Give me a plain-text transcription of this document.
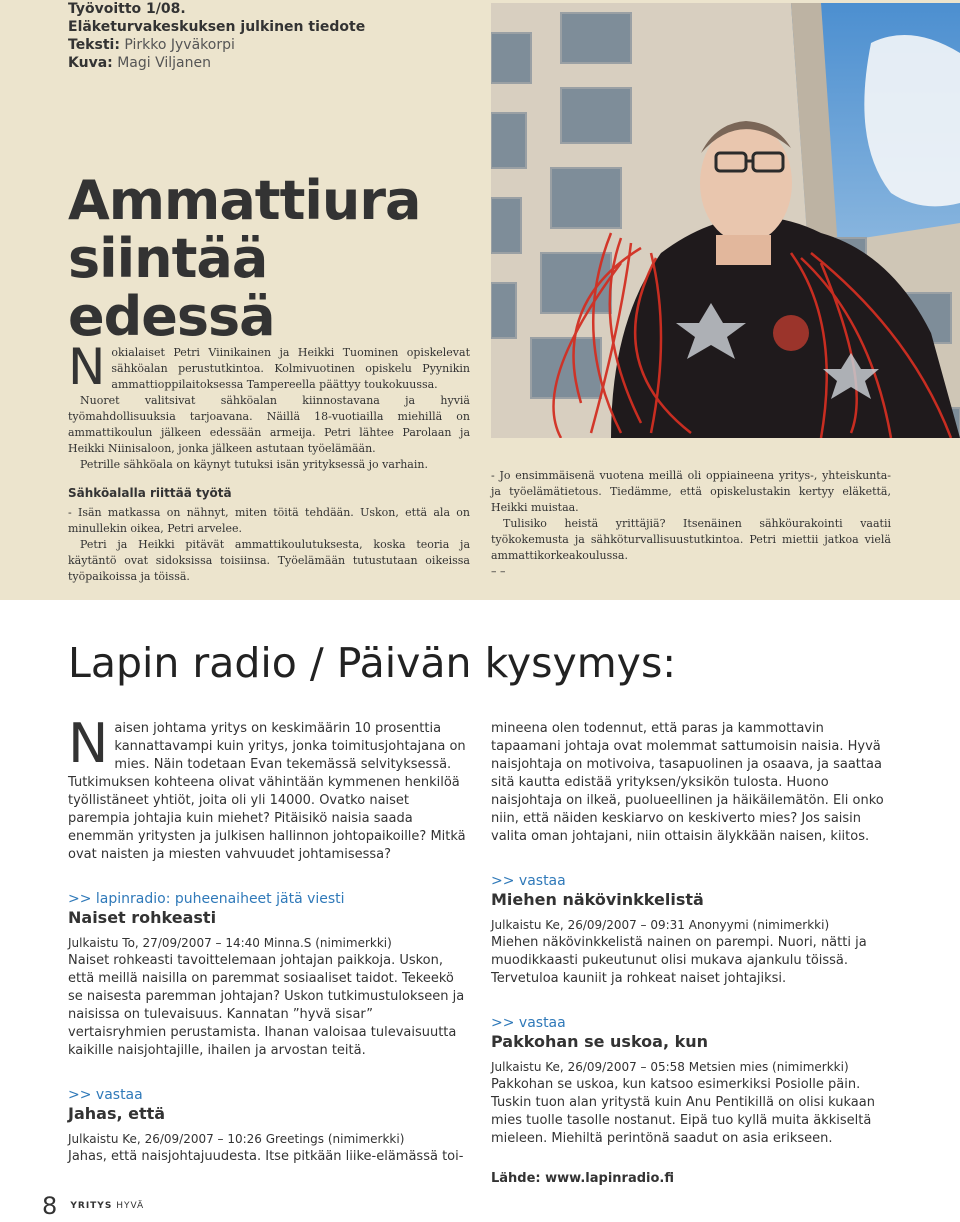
Työvoitto 1/08.
Eläketurvakeskuksen julkinen tiedote
Teksti: Pirkko Jyväkorpi
Kuva: Magi Viljanen
Ammattiura
siintää edessä
N okialaiset Petri Viinikainen ja Heikki Tuominen opiskelevat sähköalan perustutkintoa. Kolmivuotinen opiskelu Pyynikin ammattioppilaitoksessa Tampereella päättyy toukokuussa.

Nuoret valitsivat sähköalan kiinnostavana ja hyviä työmahdollisuuksia tarjoavana. Näillä 18-vuotiailla miehillä on ammattikoulun jälkeen edessään armeija. Petri lähtee Parolaan ja Heikki Niinisaloon, jonka jälkeen astutaan työelämään.

Petrille sähköala on käynyt tutuksi isän yrityksessä jo varhain.

Sähköalalla riittää työtä

- Isän matkassa on nähnyt, miten töitä tehdään. Uskon, että ala on minullekin oikea, Petri arvelee.

Petri ja Heikki pitävät ammattikoulutuksesta, koska teoria ja käytäntö ovat sidoksissa toisiinsa. Työelämään tutustutaan oikeissa työpaikoissa ja töissä.

- Jo ensimmäisenä vuotena meillä oli oppiaineena yritys-, yhteiskunta- ja työelämätietous. Tiedämme, että opiskelustakin kertyy eläkettä, Heikki muistaa.

Tulisiko heistä yrittäjiä? Itsenäinen sähköurakointi vaatii työkokemusta ja sähköturvallisuustutkintoa. Petri miettii jatkoa vielä ammattikorkeakoulussa.

– –

Lapin radio / Päivän kysymys:
N aisen johtama yritys on keskimäärin 10 prosenttia kannattavampi kuin yritys, jonka toimitusjohtajana on mies. Näin todetaan Evan tekemässä selvityksessä. Tutkimuksen kohteena olivat vähintään kymmenen henkilöä työllistäneet yhtiöt, joita oli yli 14000. Ovatko naiset parempia johtajia kuin miehet? Pitäisikö naisia saada enemmän yritysten ja julkisen hallinnon johtopaikoille? Mitkä ovat naisten ja miesten vahvuudet johtamisessa?

>> lapinradio: puheenaiheet jätä viesti

Naiset rohkeasti

Julkaistu To, 27/09/2007 – 14:40 Minna.S (nimimerkki)

Naiset rohkeasti tavoittelemaan johtajan paikkoja. Uskon, että meillä naisilla on paremmat sosiaaliset taidot. Tekeekö se naisesta paremman johtajan? Uskon tutkimustulokseen ja naisissa on tulevaisuus. Kannatan ”hyvä sisar” vertaisryhmien perustamista. Ihanan valoisaa tulevaisuutta kaikille naisjohtajille, ihailen ja arvostan teitä.

>> vastaa

Jahas, että

Julkaistu Ke, 26/09/2007 – 10:26 Greetings (nimimerkki)

Jahas, että naisjohtajuudesta. Itse pitkään liike-elämässä toi-

mineena olen todennut, että paras ja kammottavin tapaamani johtaja ovat molemmat sattumoisin naisia. Hyvä naisjohtaja on motivoiva, tasapuolinen ja osaava, ja saattaa sitä kautta edistää yrityksen/yksikön tulosta. Huono naisjohtaja on ilkeä, puolueellinen ja häikäilemätön. Eli onko niin, että näiden keskiarvo on keskiverto mies? Jos saisin valita oman johtajani, niin ottaisin älykkään naisen, kiitos.

>> vastaa

Miehen näkövinkkelistä

Julkaistu Ke, 26/09/2007 – 09:31 Anonyymi (nimimerkki)

Miehen näkövinkkelistä nainen on parempi. Nuori, nätti ja muodikkaasti pukeutunut olisi mukava ajankulu töissä. Tervetuloa kauniit ja rohkeat naiset johtajiksi.

>> vastaa

Pakkohan se uskoa, kun

Julkaistu Ke, 26/09/2007 – 05:58 Metsien mies (nimimerkki)

Pakkohan se uskoa, kun katsoo esimerkiksi Posiolle päin. Tuskin tuon alan yritystä kuin Anu Pentikillä on olisi kukaan mies tuolle tasolle nostanut. Eipä tuo kyllä muita äkkiseltä mieleen. Miehiltä perintönä saadut on asia erikseen.

Lähde: www.lapinradio.fi

8 YRITYS HYVÄ
